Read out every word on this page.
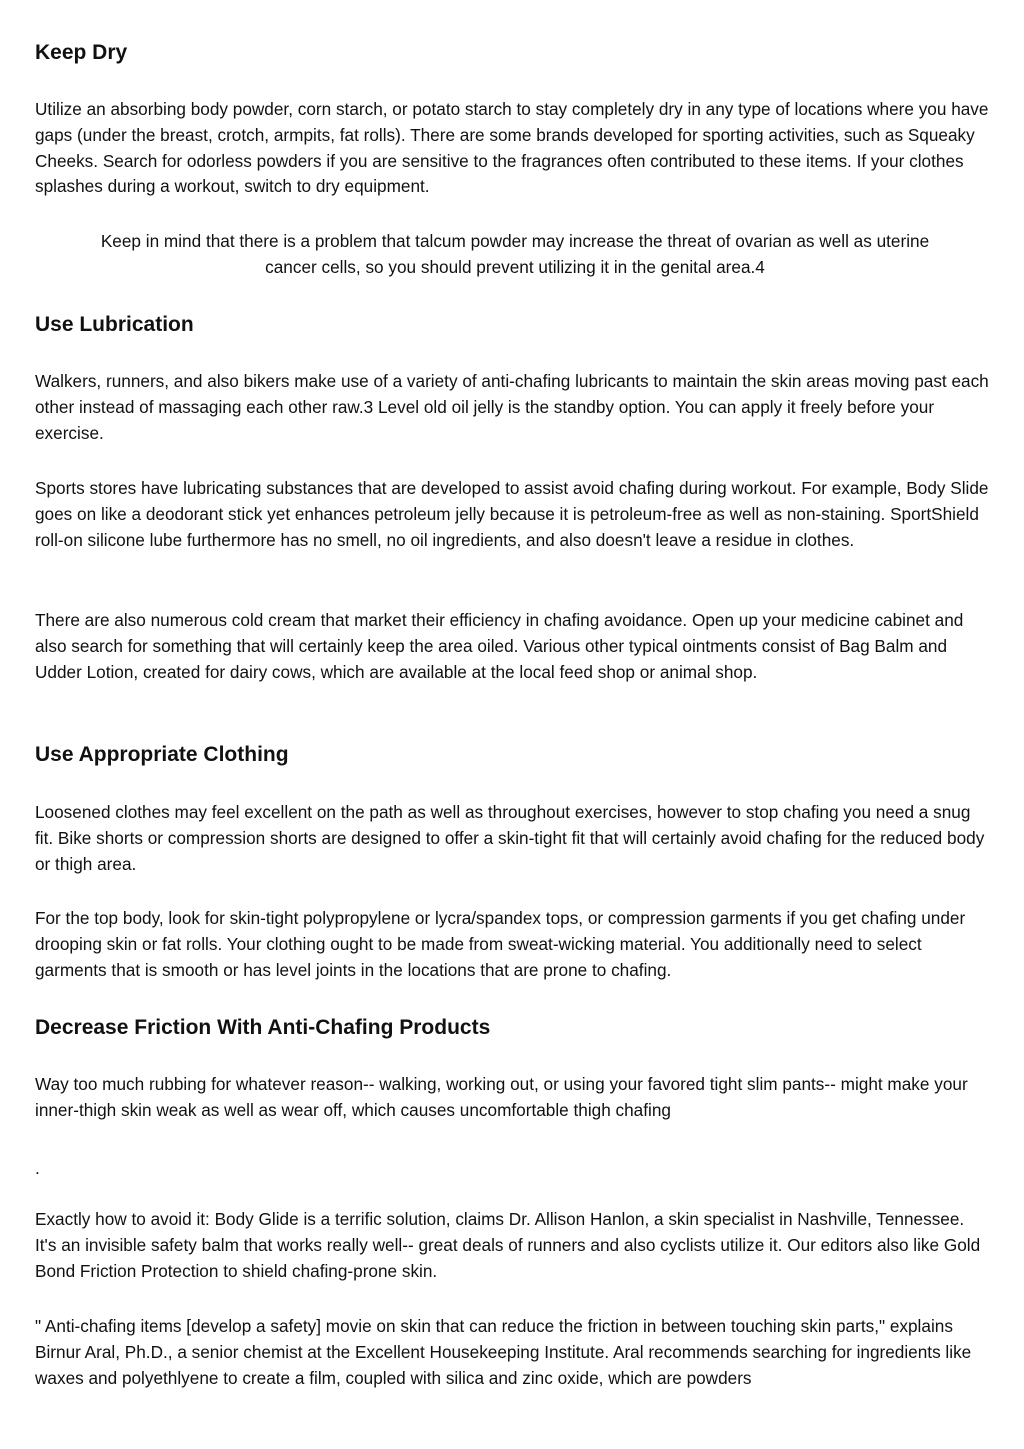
Keep Dry

Utilize an absorbing body powder, corn starch, or potato starch to stay completely dry in any type of locations where you have gaps (under the breast, crotch, armpits, fat rolls). There are some brands developed for sporting activities, such as Squeaky Cheeks. Search for odorless powders if you are sensitive to the fragrances often contributed to these items. If your clothes splashes during a workout, switch to dry equipment.

Keep in mind that there is a problem that talcum powder may increase the threat of ovarian as well as uterine cancer cells, so you should prevent utilizing it in the genital area.4

Use Lubrication

Walkers, runners, and also bikers make use of a variety of anti-chafing lubricants to maintain the skin areas moving past each other instead of massaging each other raw.3 Level old oil jelly is the standby option. You can apply it freely before your exercise.

Sports stores have lubricating substances that are developed to assist avoid chafing during workout. For example, Body Slide goes on like a deodorant stick yet enhances petroleum jelly because it is petroleum-free as well as non-staining. SportShield roll-on silicone lube furthermore has no smell, no oil ingredients, and also doesn't leave a residue in clothes.

There are also numerous cold cream that market their efficiency in chafing avoidance. Open up your medicine cabinet and also search for something that will certainly keep the area oiled. Various other typical ointments consist of Bag Balm and Udder Lotion, created for dairy cows, which are available at the local feed shop or animal shop.

Use Appropriate Clothing

Loosened clothes may feel excellent on the path as well as throughout exercises, however to stop chafing you need a snug fit. Bike shorts or compression shorts are designed to offer a skin-tight fit that will certainly avoid chafing for the reduced body or thigh area.

For the top body, look for skin-tight polypropylene or lycra/spandex tops, or compression garments if you get chafing under drooping skin or fat rolls. Your clothing ought to be made from sweat-wicking material. You additionally need to select garments that is smooth or has level joints in the locations that are prone to chafing.

Decrease Friction With Anti-Chafing Products

Way too much rubbing for whatever reason-- walking, working out, or using your favored tight slim pants-- might make your inner-thigh skin weak as well as wear off, which causes uncomfortable thigh chafing

.

Exactly how to avoid it: Body Glide is a terrific solution, claims Dr. Allison Hanlon, a skin specialist in Nashville, Tennessee. It's an invisible safety balm that works really well-- great deals of runners and also cyclists utilize it. Our editors also like Gold Bond Friction Protection to shield chafing-prone skin.

" Anti-chafing items [develop a safety] movie on skin that can reduce the friction in between touching skin parts," explains Birnur Aral, Ph.D., a senior chemist at the Excellent Housekeeping Institute. Aral recommends searching for ingredients like waxes and polyethlyene to create a film, coupled with silica and zinc oxide, which are powders
